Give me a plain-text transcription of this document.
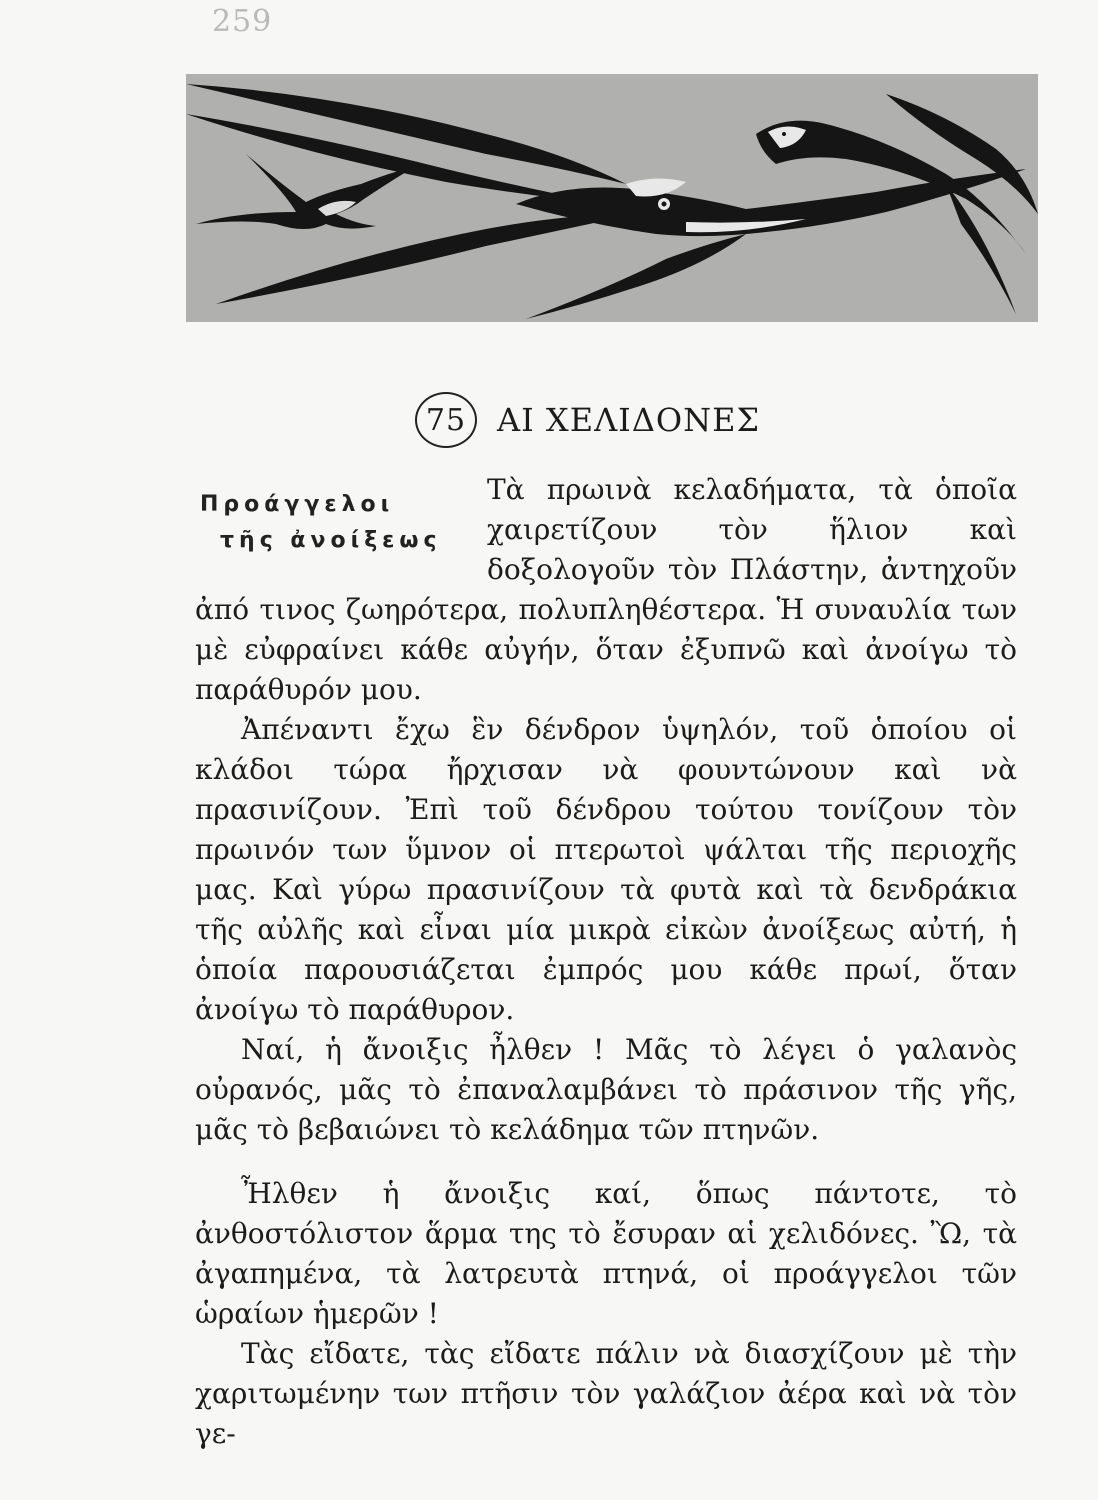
259
75 ΑΙ ΧΕΛΙΔΟΝΕΣ
Προάγγελοι
τῆς ἀνοίξεως

Τὰ πρωινὰ κελαδήματα, τὰ ὁποῖα χαιρετίζουν τὸν ἥλιον καὶ δοξολογοῦν τὸν Πλάστην, ἀντηχοῦν ἀπό τινος ζωηρότερα, πολυπληθέστερα. Ἡ συναυλία των μὲ εὐφραίνει κάθε αὐγήν, ὅταν ἐξυπνῶ καὶ ἀνοίγω τὸ παράθυρόν μου.

Ἀπέναντι ἔχω ἓν δένδρον ὑψηλόν, τοῦ ὁποίου οἱ κλάδοι τώρα ἤρχισαν νὰ φουντώνουν καὶ νὰ πρασινίζουν. Ἐπὶ τοῦ δένδρου τούτου τονίζουν τὸν πρωινόν των ὕμνον οἱ πτερωτοὶ ψάλται τῆς περιοχῆς μας. Καὶ γύρω πρασινίζουν τὰ φυτὰ καὶ τὰ δενδράκια τῆς αὐλῆς καὶ εἶναι μία μικρὰ εἰκὼν ἀνοίξεως αὐτή, ἡ ὁποία παρουσιάζεται ἐμπρός μου κάθε πρωί, ὅταν ἀνοίγω τὸ παράθυρον.

Ναί, ἡ ἄνοιξις ἦλθεν ! Μᾶς τὸ λέγει ὁ γαλανὸς οὐρανός, μᾶς τὸ ἐπαναλαμβάνει τὸ πράσινον τῆς γῆς, μᾶς τὸ βεβαιώνει τὸ κελάδημα τῶν πτηνῶν.

Ἦλθεν ἡ ἄνοιξις καί, ὅπως πάντοτε, τὸ ἀνθοστόλιστον ἅρμα της τὸ ἔσυραν αἱ χελιδόνες. Ὢ, τὰ ἀγαπημένα, τὰ λατρευτὰ πτηνά, οἱ προάγγελοι τῶν ὡραίων ἡμερῶν !

Τὰς εἴδατε, τὰς εἴδατε πάλιν νὰ διασχίζουν μὲ τὴν χαριτωμένην των πτῆσιν τὸν γαλάζιον ἀέρα καὶ νὰ τὸν γε-
